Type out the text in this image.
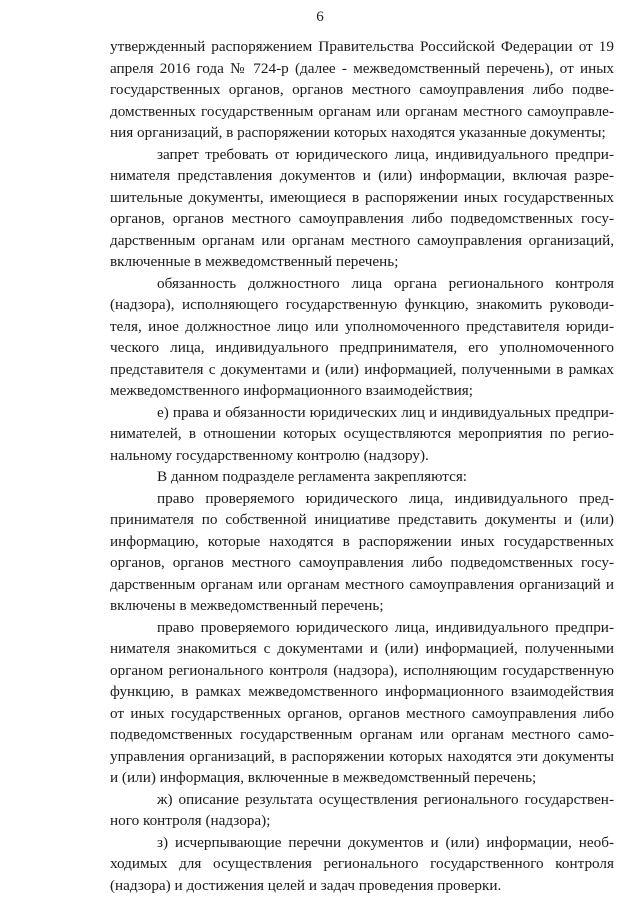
6

утвержденный распоряжением Правительства Российской Федерации от 19 апреля 2016 года № 724-р (далее - межведомственный перечень), от иных государственных органов, органов местного самоуправления либо подведомственных государственным органам или органам местного самоуправления организаций, в распоряжении которых находятся указанные документы;

запрет требовать от юридического лица, индивидуального предпринимателя представления документов и (или) информации, включая разрешительные документы, имеющиеся в распоряжении иных государственных органов, органов местного самоуправления либо подведомственных государственным органам или органам местного самоуправления организаций, включенные в межведомственный перечень;

обязанность должностного лица органа регионального контроля (надзора), исполняющего государственную функцию, знакомить руководителя, иное должностное лицо или уполномоченного представителя юридического лица, индивидуального предпринимателя, его уполномоченного представителя с документами и (или) информацией, полученными в рамках межведомственного информационного взаимодействия;

е) права и обязанности юридических лиц и индивидуальных предпринимателей, в отношении которых осуществляются мероприятия по региональному государственному контролю (надзору).

В данном подразделе регламента закрепляются:

право проверяемого юридического лица, индивидуального предпринимателя по собственной инициативе представить документы и (или) информацию, которые находятся в распоряжении иных государственных органов, органов местного самоуправления либо подведомственных государственным органам или органам местного самоуправления организаций и включены в межведомственный перечень;

право проверяемого юридического лица, индивидуального предпринимателя знакомиться с документами и (или) информацией, полученными органом регионального контроля (надзора), исполняющим государственную функцию, в рамках межведомственного информационного взаимодействия от иных государственных органов, органов местного самоуправления либо подведомственных государственным органам или органам местного самоуправления организаций, в распоряжении которых находятся эти документы и (или) информация, включенные в межведомственный перечень;

ж) описание результата осуществления регионального государственного контроля (надзора);

з) исчерпывающие перечни документов и (или) информации, необходимых для осуществления регионального государственного контроля (надзора) и достижения целей и задач проведения проверки.
